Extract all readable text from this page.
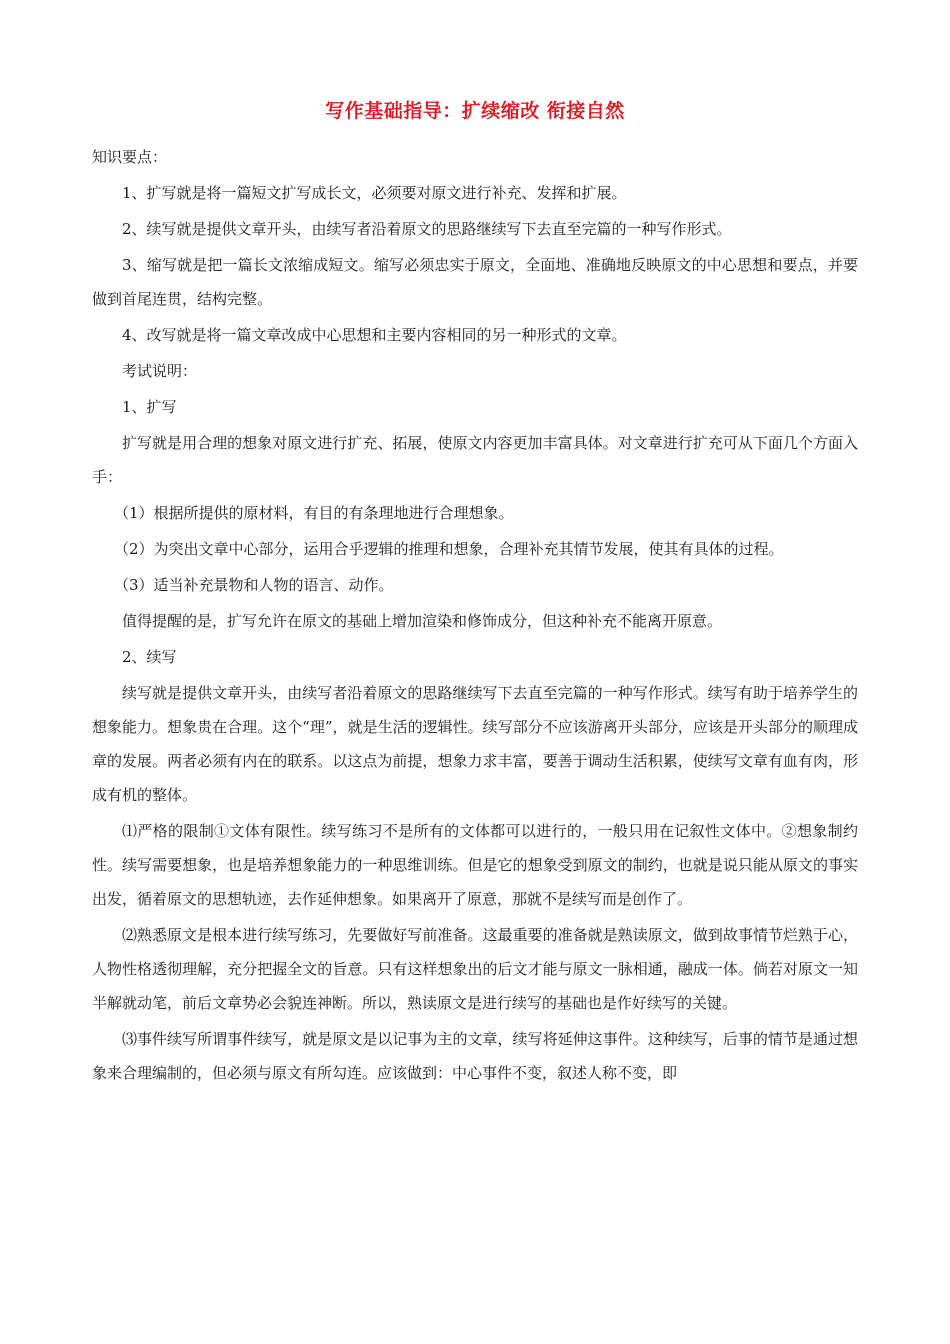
写作基础指导：扩续缩改 衔接自然

知识要点：

1、扩写就是将一篇短文扩写成长文，必须要对原文进行补充、发挥和扩展。

2、续写就是提供文章开头，由续写者沿着原文的思路继续写下去直至完篇的一种写作形式。

3、缩写就是把一篇长文浓缩成短文。缩写必须忠实于原文，全面地、准确地反映原文的中心思想和要点，并要做到首尾连贯，结构完整。

4、改写就是将一篇文章改成中心思想和主要内容相同的另一种形式的文章。

考试说明：

1、扩写

扩写就是用合理的想象对原文进行扩充、拓展，使原文内容更加丰富具体。对文章进行扩充可从下面几个方面入手：

（1）根据所提供的原材料，有目的有条理地进行合理想象。

（2）为突出文章中心部分，运用合乎逻辑的推理和想象，合理补充其情节发展，使其有具体的过程。

（3）适当补充景物和人物的语言、动作。

值得提醒的是，扩写允许在原文的基础上增加渲染和修饰成分，但这种补充不能离开原意。

2、续写

续写就是提供文章开头，由续写者沿着原文的思路继续写下去直至完篇的一种写作形式。续写有助于培养学生的想象能力。想象贵在合理。这个“理”，就是生活的逻辑性。续写部分不应该游离开头部分，应该是开头部分的顺理成章的发展。两者必须有内在的联系。以这点为前提，想象力求丰富，要善于调动生活积累，使续写文章有血有肉，形成有机的整体。

⑴严格的限制①文体有限性。续写练习不是所有的文体都可以进行的，一般只用在记叙性文体中。②想象制约性。续写需要想象，也是培养想象能力的一种思维训练。但是它的想象受到原文的制约，也就是说只能从原文的事实出发，循着原文的思想轨迹，去作延伸想象。如果离开了原意，那就不是续写而是创作了。

⑵熟悉原文是根本进行续写练习，先要做好写前准备。这最重要的准备就是熟读原文，做到故事情节烂熟于心，人物性格透彻理解，充分把握全文的旨意。只有这样想象出的后文才能与原文一脉相通，融成一体。倘若对原文一知半解就动笔，前后文章势必会貌连神断。所以，熟读原文是进行续写的基础也是作好续写的关键。

⑶事件续写所谓事件续写，就是原文是以记事为主的文章，续写将延伸这事件。这种续写，后事的情节是通过想象来合理编制的，但必须与原文有所勾连。应该做到：中心事件不变，叙述人称不变，即
